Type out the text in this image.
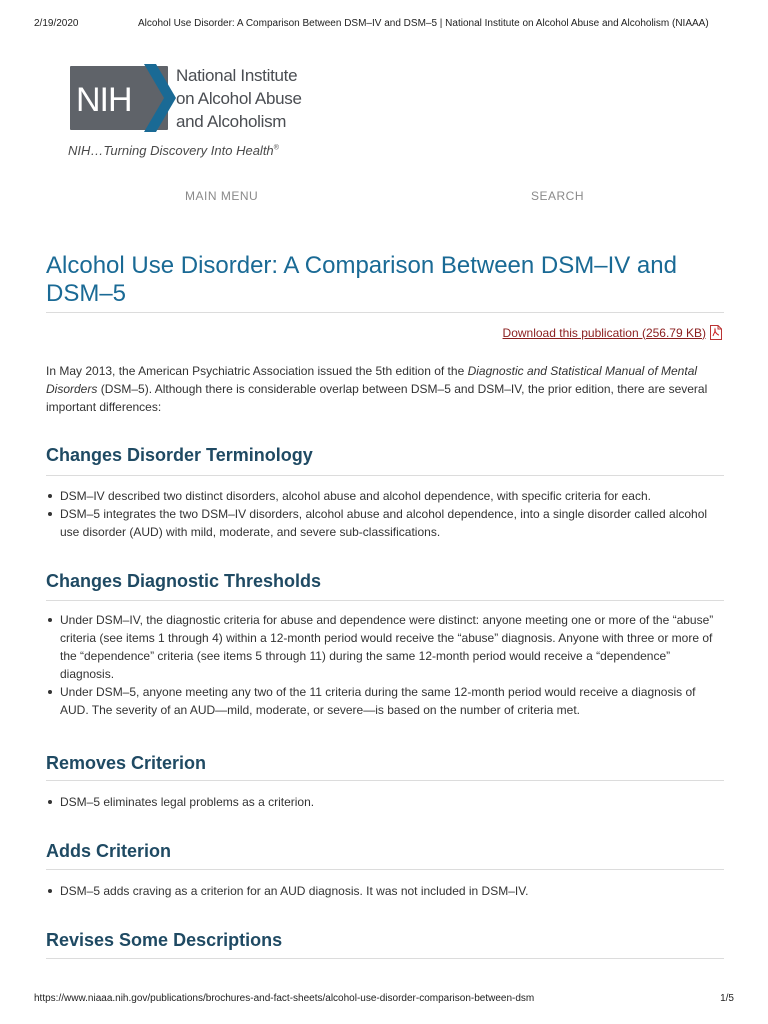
2/19/2020	Alcohol Use Disorder: A Comparison Between DSM–IV and DSM–5 | National Institute on Alcohol Abuse and Alcoholism (NIAAA)
NIH
National Institute
on Alcohol Abuse
and Alcoholism
NIH…Turning Discovery Into Health®
MAIN MENU	SEARCH
Alcohol Use Disorder: A Comparison Between DSM–IV and DSM–5
Download this publication (256.79 KB)

In May 2013, the American Psychiatric Association issued the 5th edition of the Diagnostic and Statistical Manual of Mental Disorders (DSM–5). Although there is considerable overlap between DSM–5 and DSM–IV, the prior edition, there are several important differences:

Changes Disorder Terminology
DSM–IV described two distinct disorders, alcohol abuse and alcohol dependence, with specific criteria for each.
DSM–5 integrates the two DSM–IV disorders, alcohol abuse and alcohol dependence, into a single disorder called alcohol use disorder (AUD) with mild, moderate, and severe sub-classifications.
Changes Diagnostic Thresholds
Under DSM–IV, the diagnostic criteria for abuse and dependence were distinct: anyone meeting one or more of the “abuse” criteria (see items 1 through 4) within a 12-month period would receive the “abuse” diagnosis. Anyone with three or more of the “dependence” criteria (see items 5 through 11) during the same 12-month period would receive a “dependence” diagnosis.
Under DSM–5, anyone meeting any two of the 11 criteria during the same 12-month period would receive a diagnosis of AUD. The severity of an AUD—mild, moderate, or severe—is based on the number of criteria met.
Removes Criterion
DSM–5 eliminates legal problems as a criterion.
Adds Criterion
DSM–5 adds craving as a criterion for an AUD diagnosis. It was not included in DSM–IV.
Revises Some Descriptions
https://www.niaaa.nih.gov/publications/brochures-and-fact-sheets/alcohol-use-disorder-comparison-between-dsm	1/5
